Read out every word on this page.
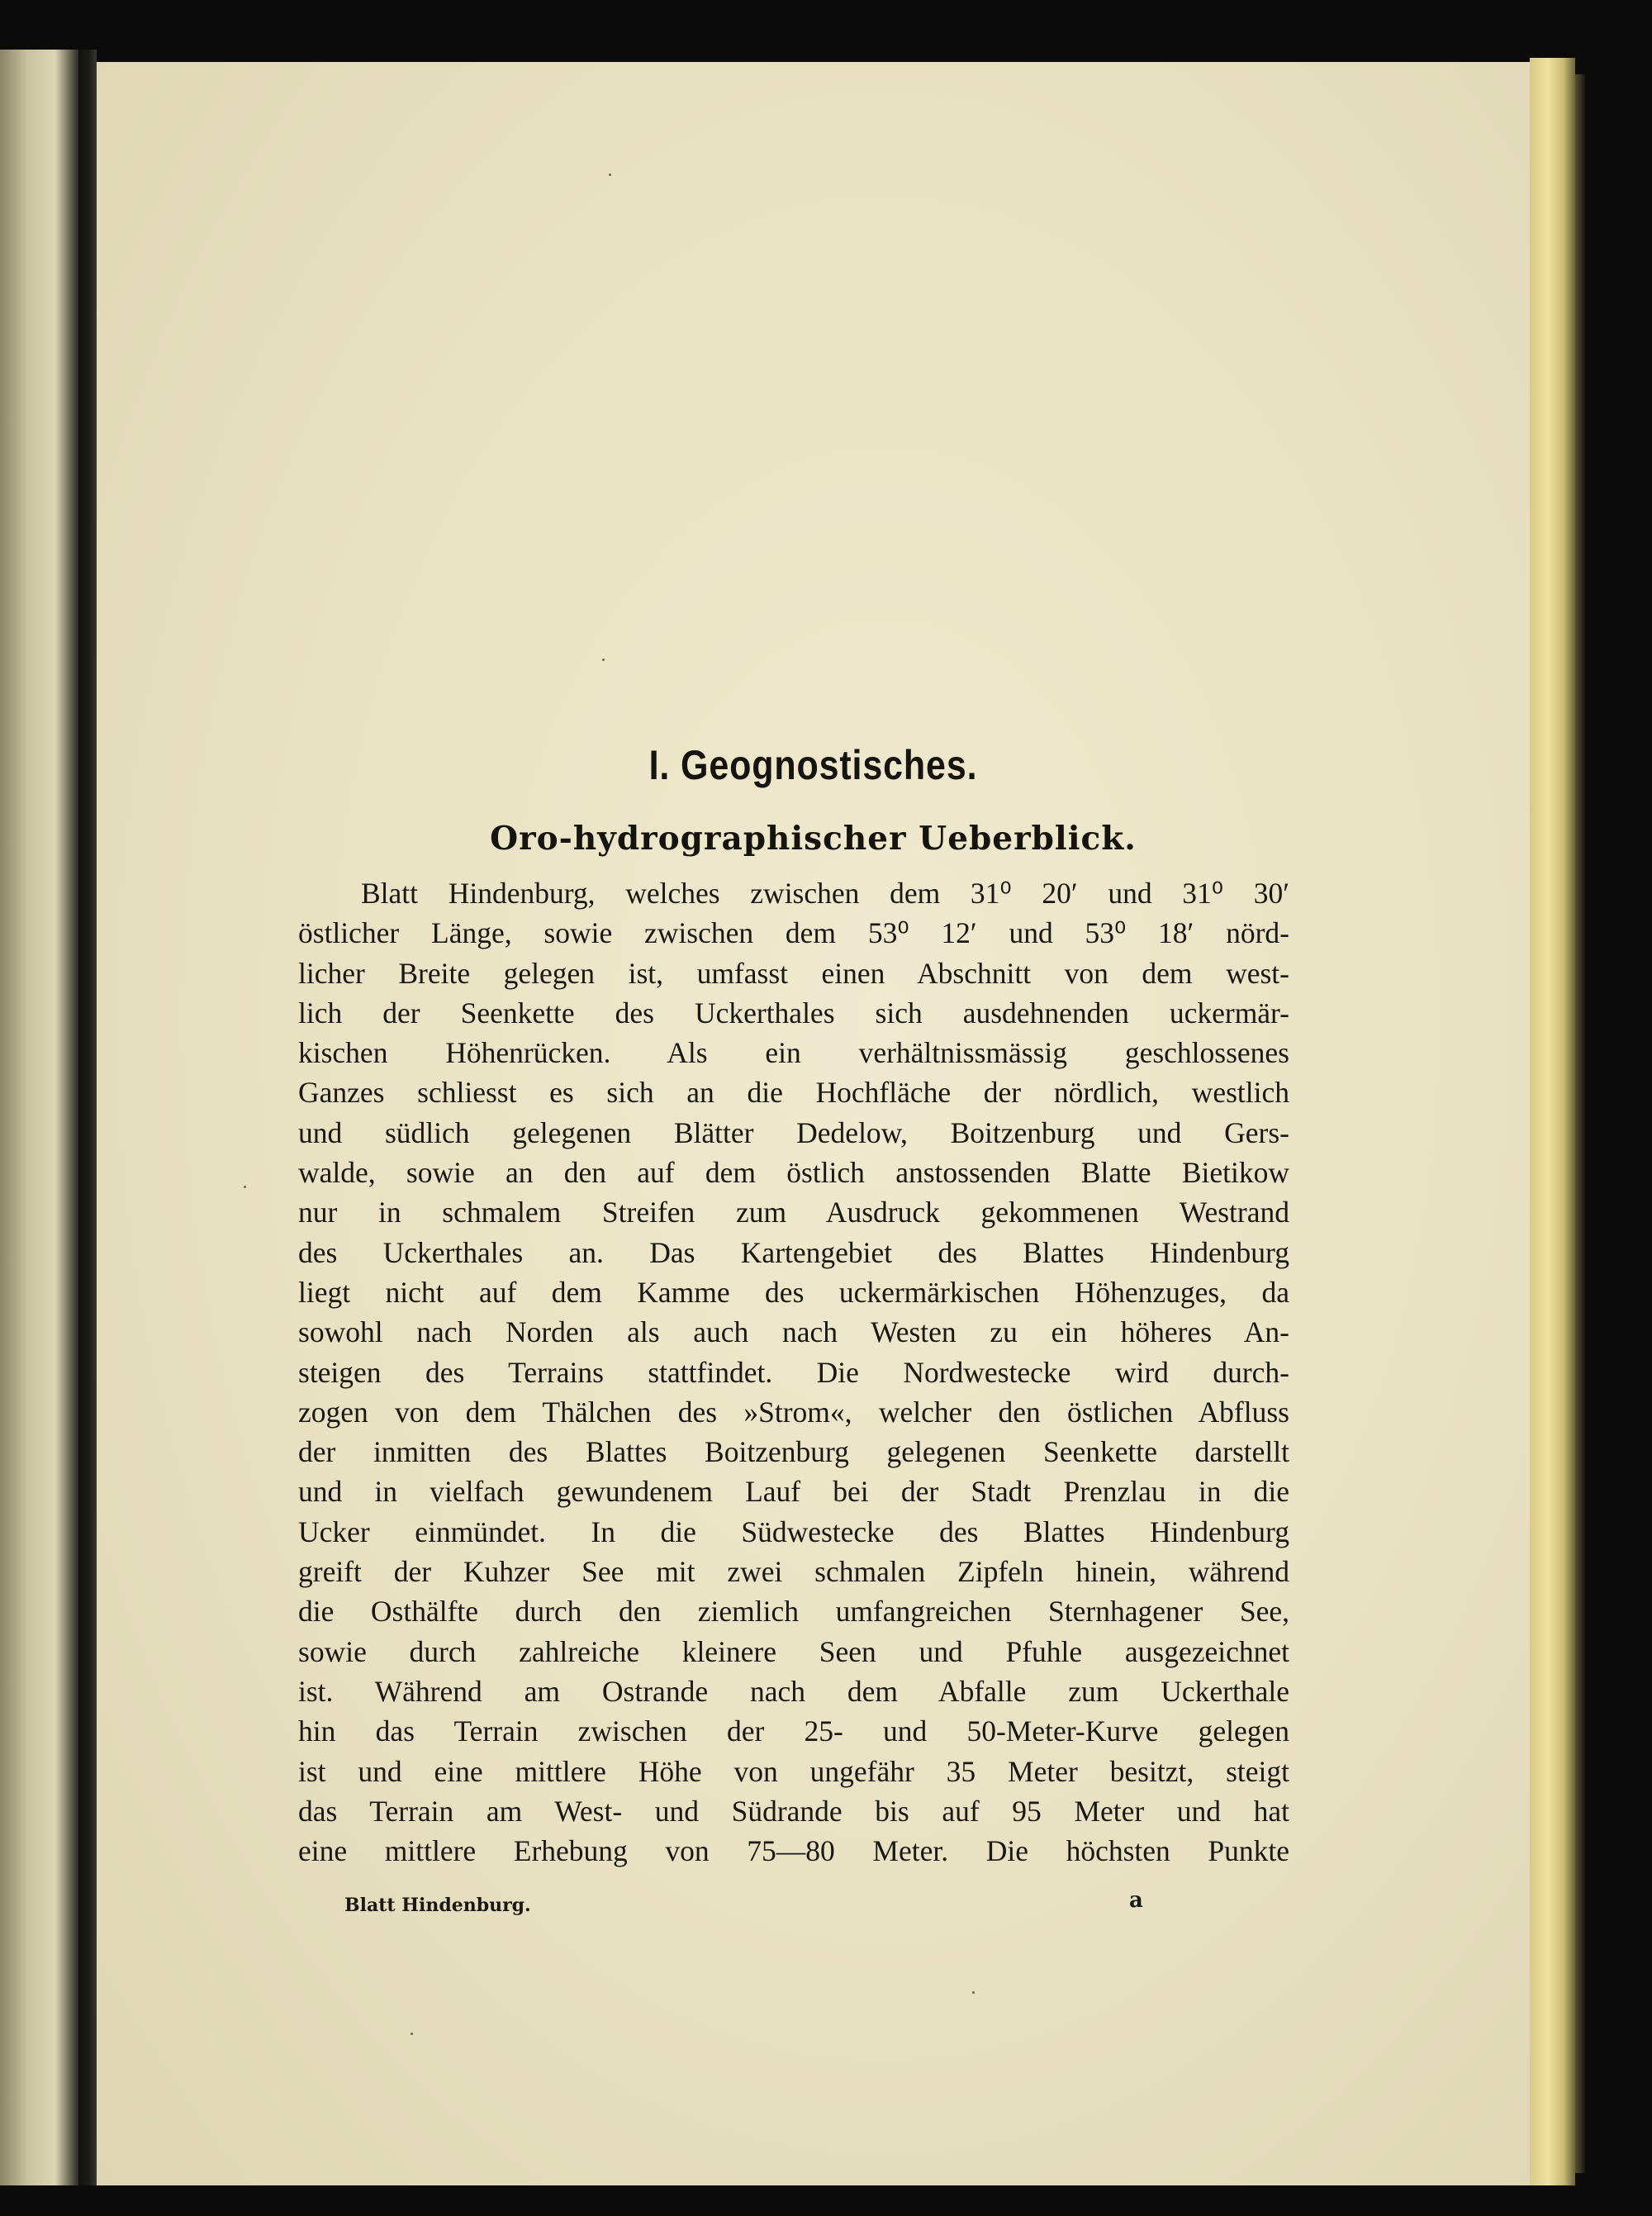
I. Geognostisches.
Oro-hydrographischer Ueberblick.
Blatt Hindenburg, welches zwischen dem 31⁰ 20′ und 31⁰ 30′
östlicher Länge, sowie zwischen dem 53⁰ 12′ und 53⁰ 18′ nörd-
licher Breite gelegen ist, umfasst einen Abschnitt von dem west-
lich der Seenkette des Uckerthales sich ausdehnenden uckermär-
kischen Höhenrücken. Als ein verhältnissmässig geschlossenes
Ganzes schliesst es sich an die Hochfläche der nördlich, westlich
und südlich gelegenen Blätter Dedelow, Boitzenburg und Gers-
walde, sowie an den auf dem östlich anstossenden Blatte Bietikow
nur in schmalem Streifen zum Ausdruck gekommenen Westrand
des Uckerthales an. Das Kartengebiet des Blattes Hindenburg
liegt nicht auf dem Kamme des uckermärkischen Höhenzuges, da
sowohl nach Norden als auch nach Westen zu ein höheres An-
steigen des Terrains stattfindet. Die Nordwestecke wird durch-
zogen von dem Thälchen des »Strom«, welcher den östlichen Abfluss
der inmitten des Blattes Boitzenburg gelegenen Seenkette darstellt
und in vielfach gewundenem Lauf bei der Stadt Prenzlau in die
Ucker einmündet. In die Südwestecke des Blattes Hindenburg
greift der Kuhzer See mit zwei schmalen Zipfeln hinein, während
die Osthälfte durch den ziemlich umfangreichen Sternhagener See,
sowie durch zahlreiche kleinere Seen und Pfuhle ausgezeichnet
ist. Während am Ostrande nach dem Abfalle zum Uckerthale
hin das Terrain zwischen der 25- und 50-Meter-Kurve gelegen
ist und eine mittlere Höhe von ungefähr 35 Meter besitzt, steigt
das Terrain am West- und Südrande bis auf 95 Meter und hat
eine mittlere Erhebung von 75—80 Meter. Die höchsten Punkte
Blatt Hindenburg.	a
